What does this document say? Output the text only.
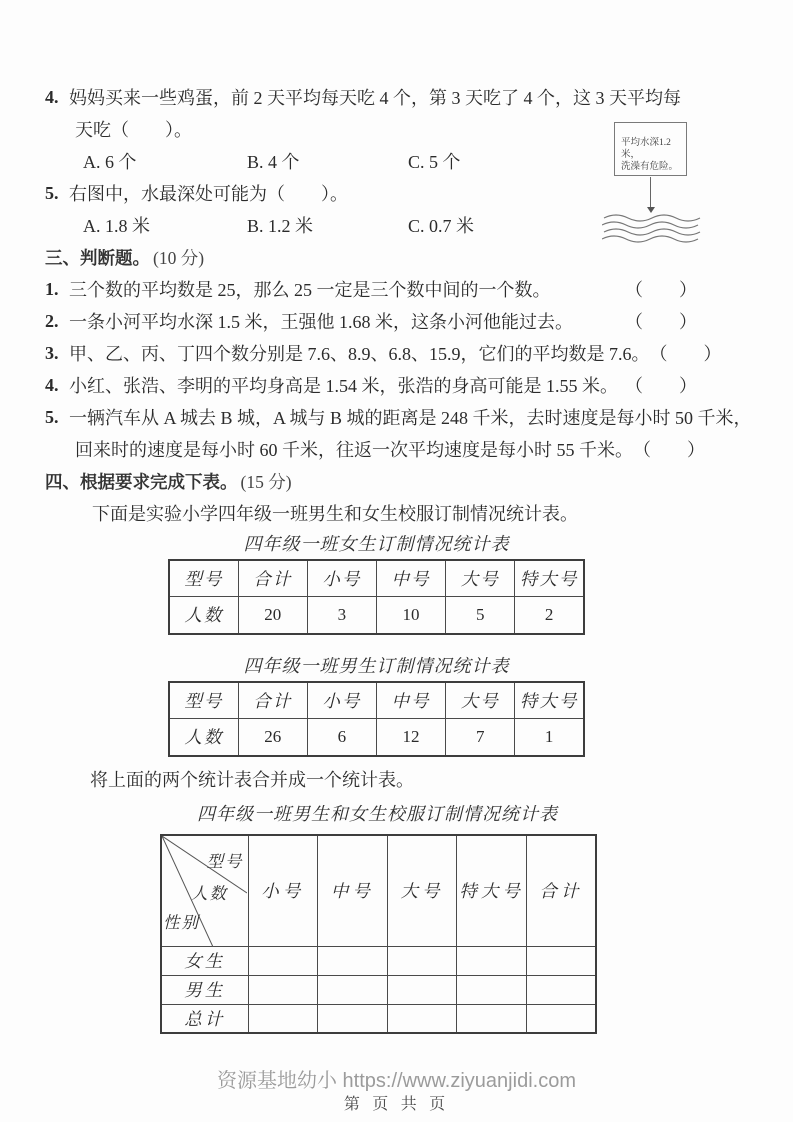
4. 妈妈买来一些鸡蛋，前 2 天平均每天吃 4 个，第 3 天吃了 4 个，这 3 天平均每
天吃（　　）。
A. 6 个	B. 4 个	C. 5 个
5. 右图中，水最深处可能为（　　）。
A. 1.8 米	B. 1.2 米	C. 0.7 米
三、判断题。 (10 分)
1. 三个数的平均数是 25，那么 25 一定是三个数中间的一个数。	（　　）
2. 一条小河平均水深 1.5 米，王强他 1.68 米，这条小河他能过去。	（　　）
3. 甲、乙、丙、丁四个数分别是 7.6、8.9、6.8、15.9，它们的平均数是 7.6。 （　　）
4. 小红、张浩、李明的平均身高是 1.54 米，张浩的身高可能是 1.55 米。 （　　）
5. 一辆汽车从 A 城去 B 城，A 城与 B 城的距离是 248 千米，去时速度是每小时 50 千米，
回来时的速度是每小时 60 千米，往返一次平均速度是每小时 55 千米。 （　　）
四、根据要求完成下表。 (15 分)
下面是实验小学四年级一班男生和女生校服订制情况统计表。
四年级一班女生订制情况统计表
型号	合计	小号	中号	大号	特大号
人数	20	3	10	5	2
四年级一班男生订制情况统计表
型号	合计	小号	中号	大号	特大号
人数	26	6	12	7	1
将上面的两个统计表合并成一个统计表。
四年级一班男生和女生校服订制情况统计表
型号
人数
性别	小号	中号	大号	特大号	合计
女生					
男生					
总计					
平均水深1.2米，
洗澡有危险。
资源基地幼小 https://www.ziyuanjidi.com
第 页 共 页
